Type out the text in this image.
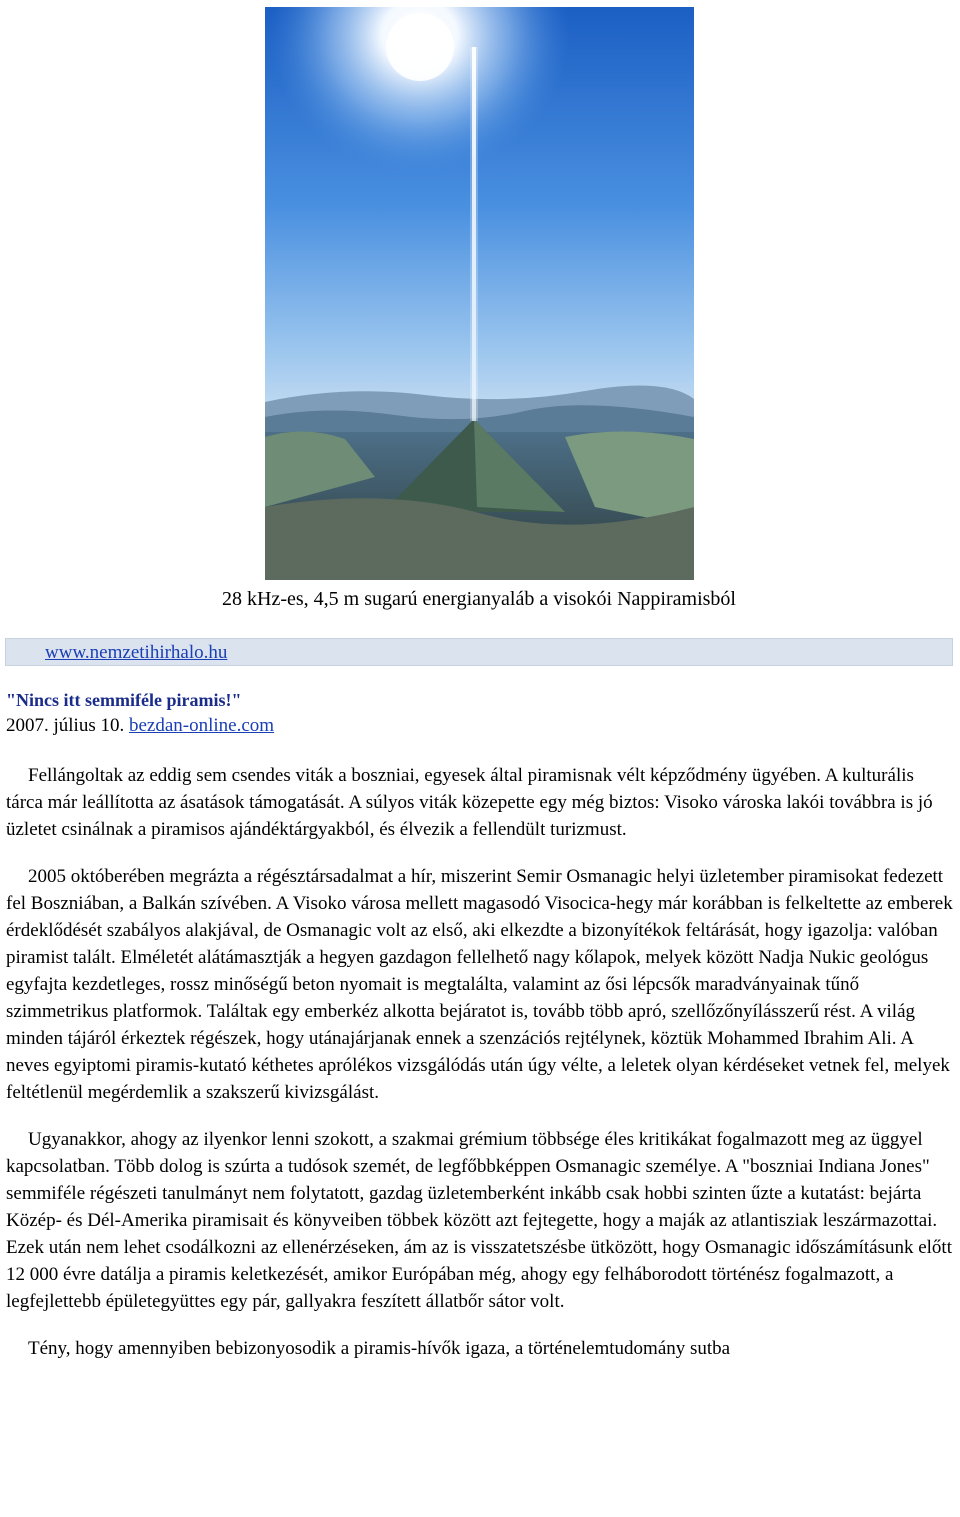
28 kHz-es, 4,5 m sugarú energianyaláb a visokói Nappiramisból
www.nemzetihirhalo.hu

"Nincs itt semmiféle piramis!"

2007. július 10. bezdan-online.com

Fellángoltak az eddig sem csendes viták a boszniai, egyesek által piramisnak vélt képződmény ügyében. A kulturális tárca már leállította az ásatások támogatását. A súlyos viták közepette egy még biztos: Visoko városka lakói továbbra is jó üzletet csinálnak a piramisos ajándéktárgyakból, és élvezik a fellendült turizmust.

2005 októberében megrázta a régésztársadalmat a hír, miszerint Semir Osmanagic helyi üzletember piramisokat fedezett fel Boszniában, a Balkán szívében. A Visoko városa mellett magasodó Visocica-hegy már korábban is felkeltette az emberek érdeklődését szabályos alakjával, de Osmanagic volt az első, aki elkezdte a bizonyítékok feltárását, hogy igazolja: valóban piramist talált. Elméletét alátámasztják a hegyen gazdagon fellelhető nagy kőlapok, melyek között Nadja Nukic geológus egyfajta kezdetleges, rossz minőségű beton nyomait is megtalálta, valamint az ősi lépcsők maradványainak tűnő szimmetrikus platformok. Találtak egy emberkéz alkotta bejáratot is, tovább több apró, szellőzőnyílásszerű rést. A világ minden tájáról érkeztek régészek, hogy utánajárjanak ennek a szenzációs rejtélynek, köztük Mohammed Ibrahim Ali. A neves egyiptomi piramis-kutató kéthetes aprólékos vizsgálódás után úgy vélte, a leletek olyan kérdéseket vetnek fel, melyek feltétlenül megérdemlik a szakszerű kivizsgálást.

Ugyanakkor, ahogy az ilyenkor lenni szokott, a szakmai grémium többsége éles kritikákat fogalmazott meg az üggyel kapcsolatban. Több dolog is szúrta a tudósok szemét, de legfőbbképpen Osmanagic személye. A "boszniai Indiana Jones" semmiféle régészeti tanulmányt nem folytatott, gazdag üzletemberként inkább csak hobbi szinten űzte a kutatást: bejárta Közép- és Dél-Amerika piramisait és könyveiben többek között azt fejtegette, hogy a maják az atlantisziak leszármazottai. Ezek után nem lehet csodálkozni az ellenérzéseken, ám az is visszatetszésbe ütközött, hogy Osmanagic időszámításunk előtt 12 000 évre datálja a piramis keletkezését, amikor Európában még, ahogy egy felháborodott történész fogalmazott, a legfejlettebb épületegyüttes egy pár, gallyakra feszített állatbőr sátor volt.

Tény, hogy amennyiben bebizonyosodik a piramis-hívők igaza, a történelemtudomány sutba
